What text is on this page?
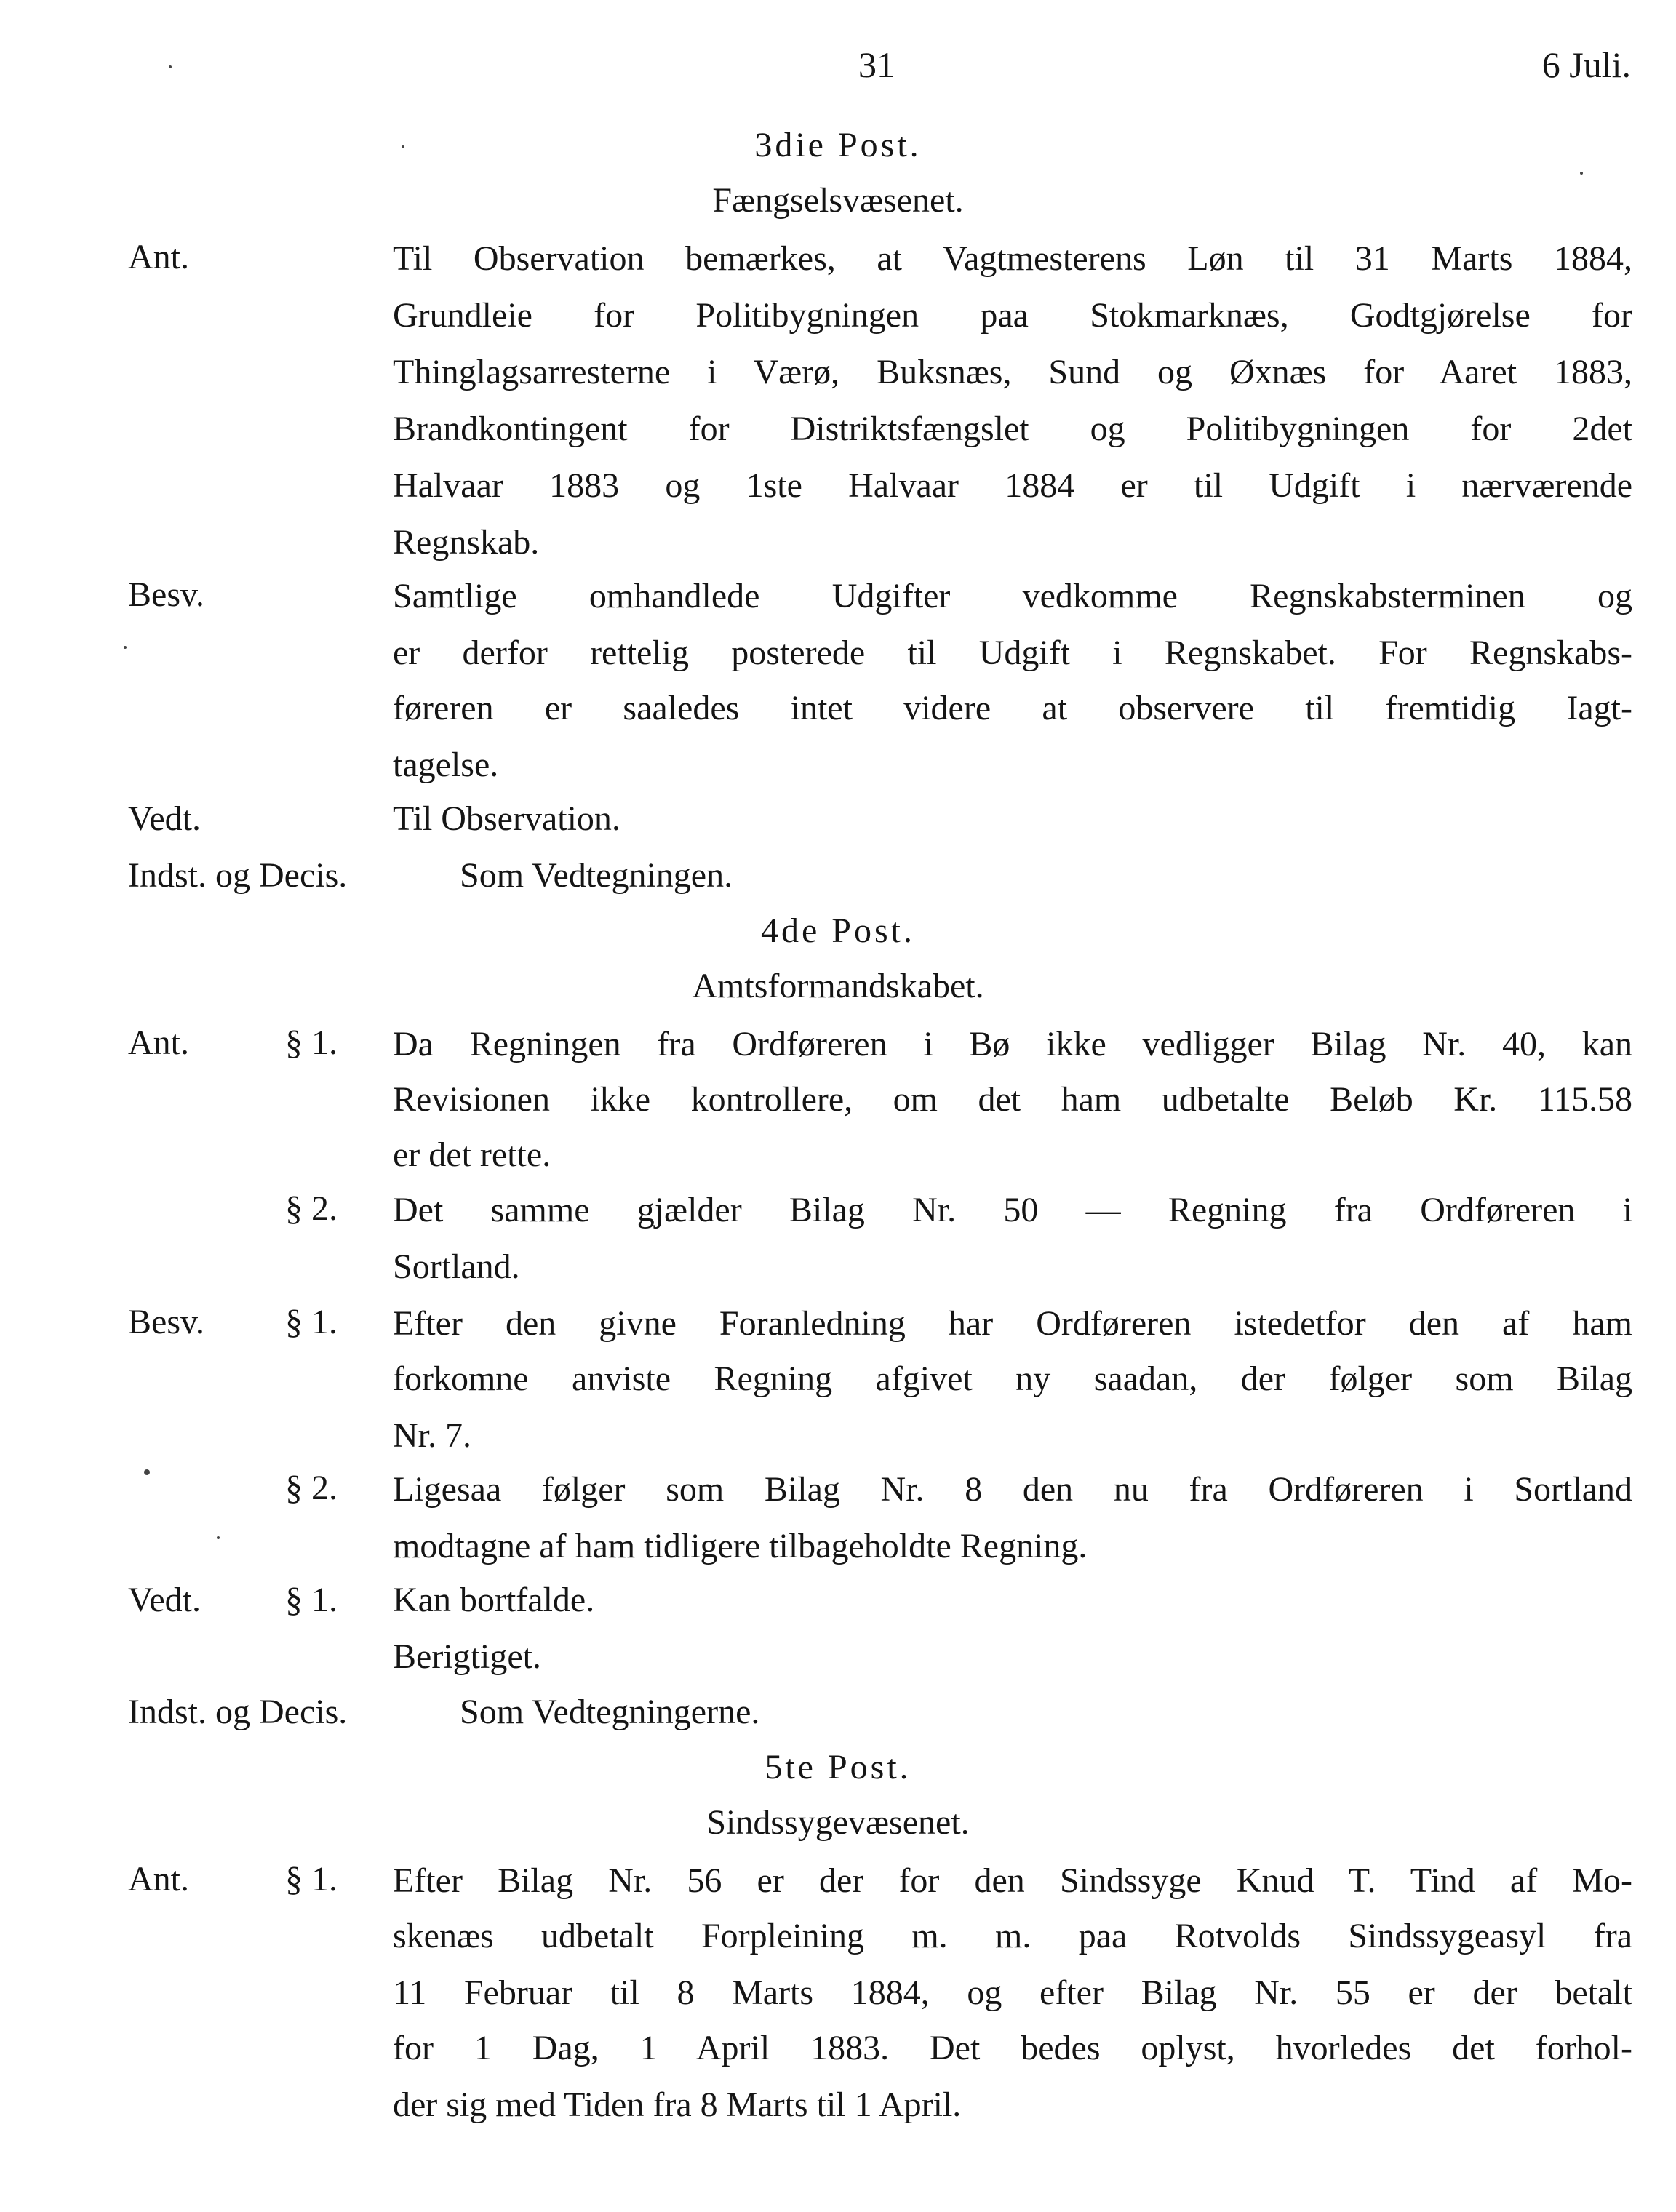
31	6 Juli.
3die Post.
Fængselsvæsenet.
Ant.	Til Observation bemærkes, at Vagtmesterens Løn til 31 Marts 1884,
Grundleie for Politibygningen paa Stokmarknæs, Godtgjørelse for
Thinglagsarresterne i Værø, Buksnæs, Sund og Øxnæs for Aaret 1883,
Brandkontingent for Distriktsfængslet og Politibygningen for 2det
Halvaar 1883 og 1ste Halvaar 1884 er til Udgift i nærværende
Regnskab.
Besv.	Samtlige omhandlede Udgifter vedkomme Regnskabsterminen og
er derfor rettelig posterede til Udgift i Regnskabet. For Regnskabs-
føreren er saaledes intet videre at observere til fremtidig Iagt-
tagelse.
Vedt.	Til Observation.
Indst. og Decis.	Som Vedtegningen.
4de Post.
Amtsformandskabet.
Ant.	§ 1. Da Regningen fra Ordføreren i Bø ikke vedligger Bilag Nr. 40, kan
Revisionen ikke kontrollere, om det ham udbetalte Beløb Kr. 115.58
er det rette.
§ 2. Det samme gjælder Bilag Nr. 50 — Regning fra Ordføreren i
Sortland.
Besv. § 1. Efter den givne Foranledning har Ordføreren istedetfor den af ham
forkomne anviste Regning afgivet ny saadan, der følger som Bilag
Nr. 7.
§ 2. Ligesaa følger som Bilag Nr. 8 den nu fra Ordføreren i Sortland
modtagne af ham tidligere tilbageholdte Regning.
Vedt. § 1. Kan bortfalde.
Berigtiget.
Indst. og Decis.	Som Vedtegningerne.
5te Post.
Sindssygevæsenet.
Ant.	§ 1. Efter Bilag Nr. 56 er der for den Sindssyge Knud T. Tind af Mo-
skenæs udbetalt Forpleining m. m. paa Rotvolds Sindssygeasyl fra
11 Februar til 8 Marts 1884, og efter Bilag Nr. 55 er der betalt
for 1 Dag, 1 April 1883. Det bedes oplyst, hvorledes det forhol-
der sig med Tiden fra 8 Marts til 1 April.
